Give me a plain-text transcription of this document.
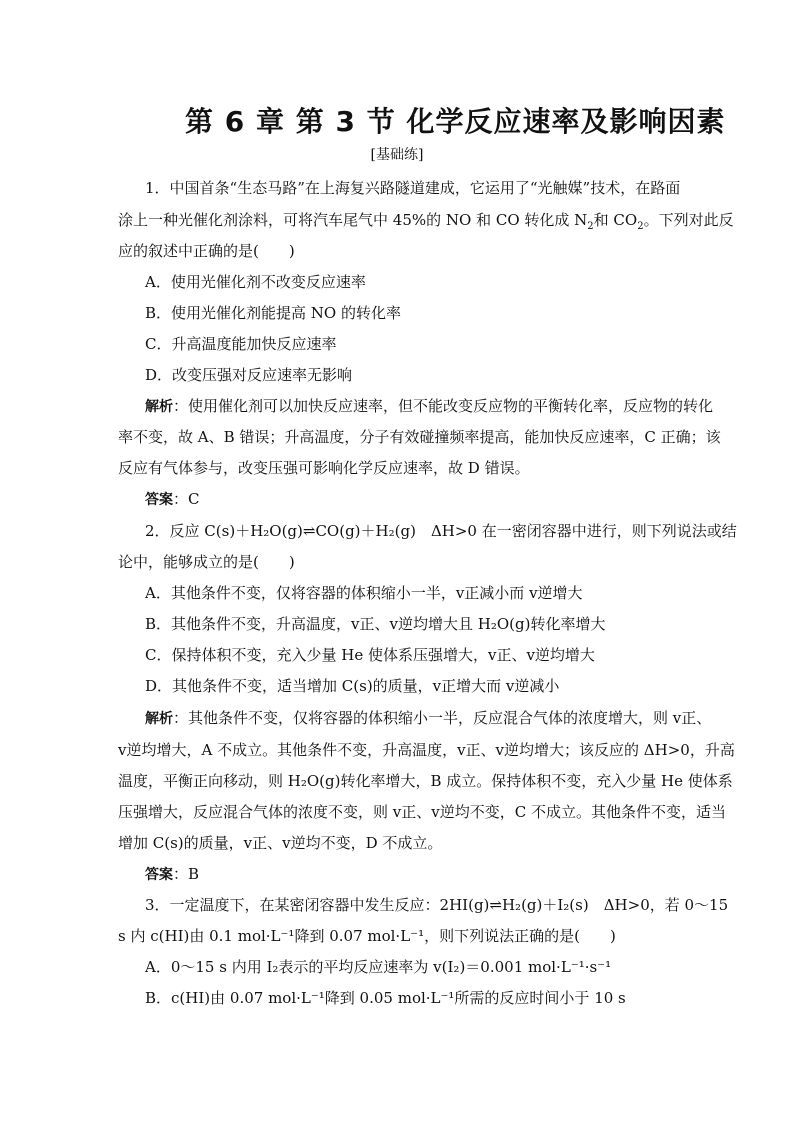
第 6 章 第 3 节 化学反应速率及影响因素
[基础练]
1．中国首条“生态马路”在上海复兴路隧道建成，它运用了“光触媒”技术，在路面
涂上一种光催化剂涂料，可将汽车尾气中 45%的 NO 和 CO 转化成 $N_2$和 $CO_2$。下列对此反
应的叙述中正确的是(　　)
A．使用光催化剂不改变反应速率
B．使用光催化剂能提高 NO 的转化率
C．升高温度能加快反应速率
D．改变压强对反应速率无影响
解析：使用催化剂可以加快反应速率，但不能改变反应物的平衡转化率，反应物的转化
率不变，故 A、B 错误；升高温度，分子有效碰撞频率提高，能加快反应速率，C 正确；该
反应有气体参与，改变压强可影响化学反应速率，故 D 错误。
答案：C
2．反应 C(s)＋H₂O(g)⇌CO(g)＋H₂(g)　ΔH>0 在一密闭容器中进行，则下列说法或结
论中，能够成立的是(　　)
A．其他条件不变，仅将容器的体积缩小一半，v正减小而 v逆增大
B．其他条件不变，升高温度，v正、v逆均增大且 H₂O(g)转化率增大
C．保持体积不变，充入少量 He 使体系压强增大，v正、v逆均增大
D．其他条件不变，适当增加 C(s)的质量，v正增大而 v逆减小
解析：其他条件不变，仅将容器的体积缩小一半，反应混合气体的浓度增大，则 v正、
v逆均增大，A 不成立。其他条件不变，升高温度，v正、v逆均增大；该反应的 ΔH>0，升高
温度，平衡正向移动，则 H₂O(g)转化率增大，B 成立。保持体积不变，充入少量 He 使体系
压强增大，反应混合气体的浓度不变，则 v正、v逆均不变，C 不成立。其他条件不变，适当
增加 C(s)的质量，v正、v逆均不变，D 不成立。
答案：B
3．一定温度下，在某密闭容器中发生反应：2HI(g)⇌H₂(g)＋I₂(s)　ΔH>0，若 0～15
s 内 c(HI)由 0.1 mol·L⁻¹降到 0.07 mol·L⁻¹，则下列说法正确的是(　　)
A．0～15 s 内用 I₂表示的平均反应速率为 v(I₂)＝0.001 mol·L⁻¹·s⁻¹
B．c(HI)由 0.07 mol·L⁻¹降到 0.05 mol·L⁻¹所需的反应时间小于 10 s
